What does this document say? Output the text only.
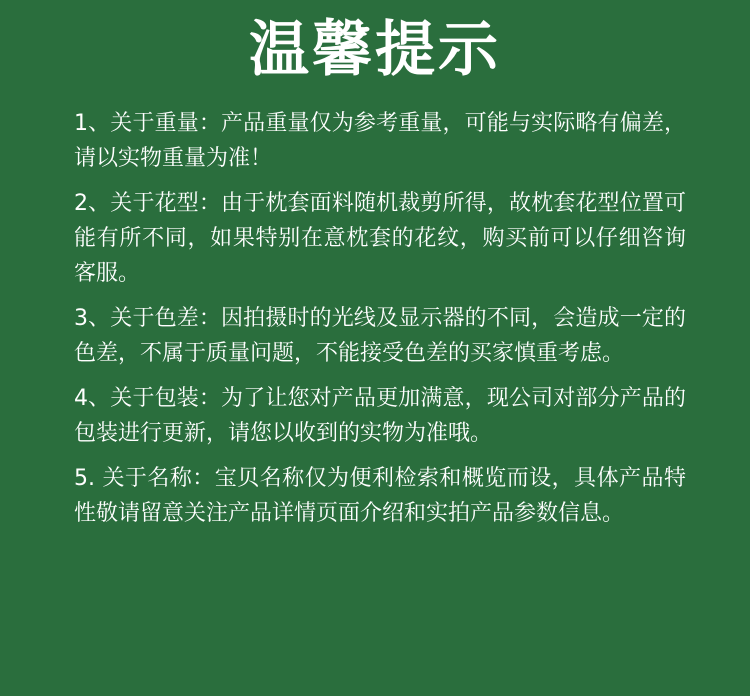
温馨提示

1、关于重量：产品重量仅为参考重量，可能与实际略有偏差，请以实物重量为准！

2、关于花型：由于枕套面料随机裁剪所得，故枕套花型位置可能有所不同，如果特别在意枕套的花纹，购买前可以仔细咨询客服。

3、关于色差：因拍摄时的光线及显示器的不同，会造成一定的色差，不属于质量问题，不能接受色差的买家慎重考虑。

4、关于包装：为了让您对产品更加满意，现公司对部分产品的包装进行更新，请您以收到的实物为准哦。

5. 关于名称：宝贝名称仅为便利检索和概览而设，具体产品特性敬请留意关注产品详情页面介绍和实拍产品参数信息。
